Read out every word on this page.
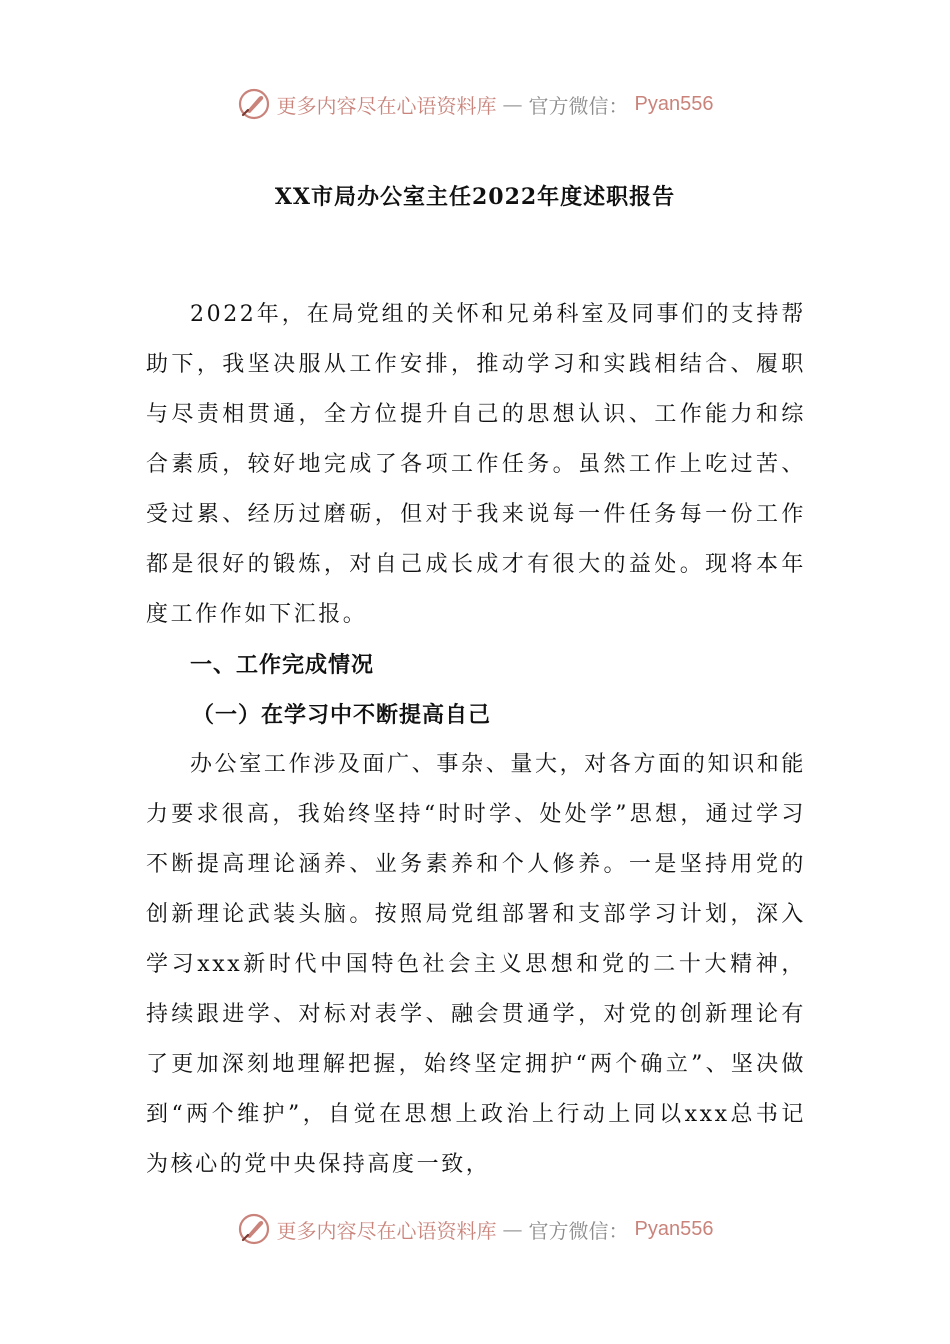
更多内容尽在心语资料库 — 官方微信： Pyan556
XX市局办公室主任2022年度述职报告

2022年，在局党组的关怀和兄弟科室及同事们的支持帮助下，我坚决服从工作安排，推动学习和实践相结合、履职与尽责相贯通，全方位提升自己的思想认识、工作能力和综合素质，较好地完成了各项工作任务。虽然工作上吃过苦、受过累、经历过磨砺，但对于我来说每一件任务每一份工作都是很好的锻炼，对自己成长成才有很大的益处。现将本年度工作作如下汇报。

一、工作完成情况

（一）在学习中不断提高自己

办公室工作涉及面广、事杂、量大，对各方面的知识和能力要求很高，我始终坚持“时时学、处处学”思想，通过学习不断提高理论涵养、业务素养和个人修养。一是坚持用党的创新理论武装头脑。按照局党组部署和支部学习计划，深入学习xxx新时代中国特色社会主义思想和党的二十大精神，持续跟进学、对标对表学、融会贯通学，对党的创新理论有了更加深刻地理解把握，始终坚定拥护“两个确立”、坚决做到“两个维护”，自觉在思想上政治上行动上同以xxx总书记为核心的党中央保持高度一致，

更多内容尽在心语资料库 — 官方微信： Pyan556
